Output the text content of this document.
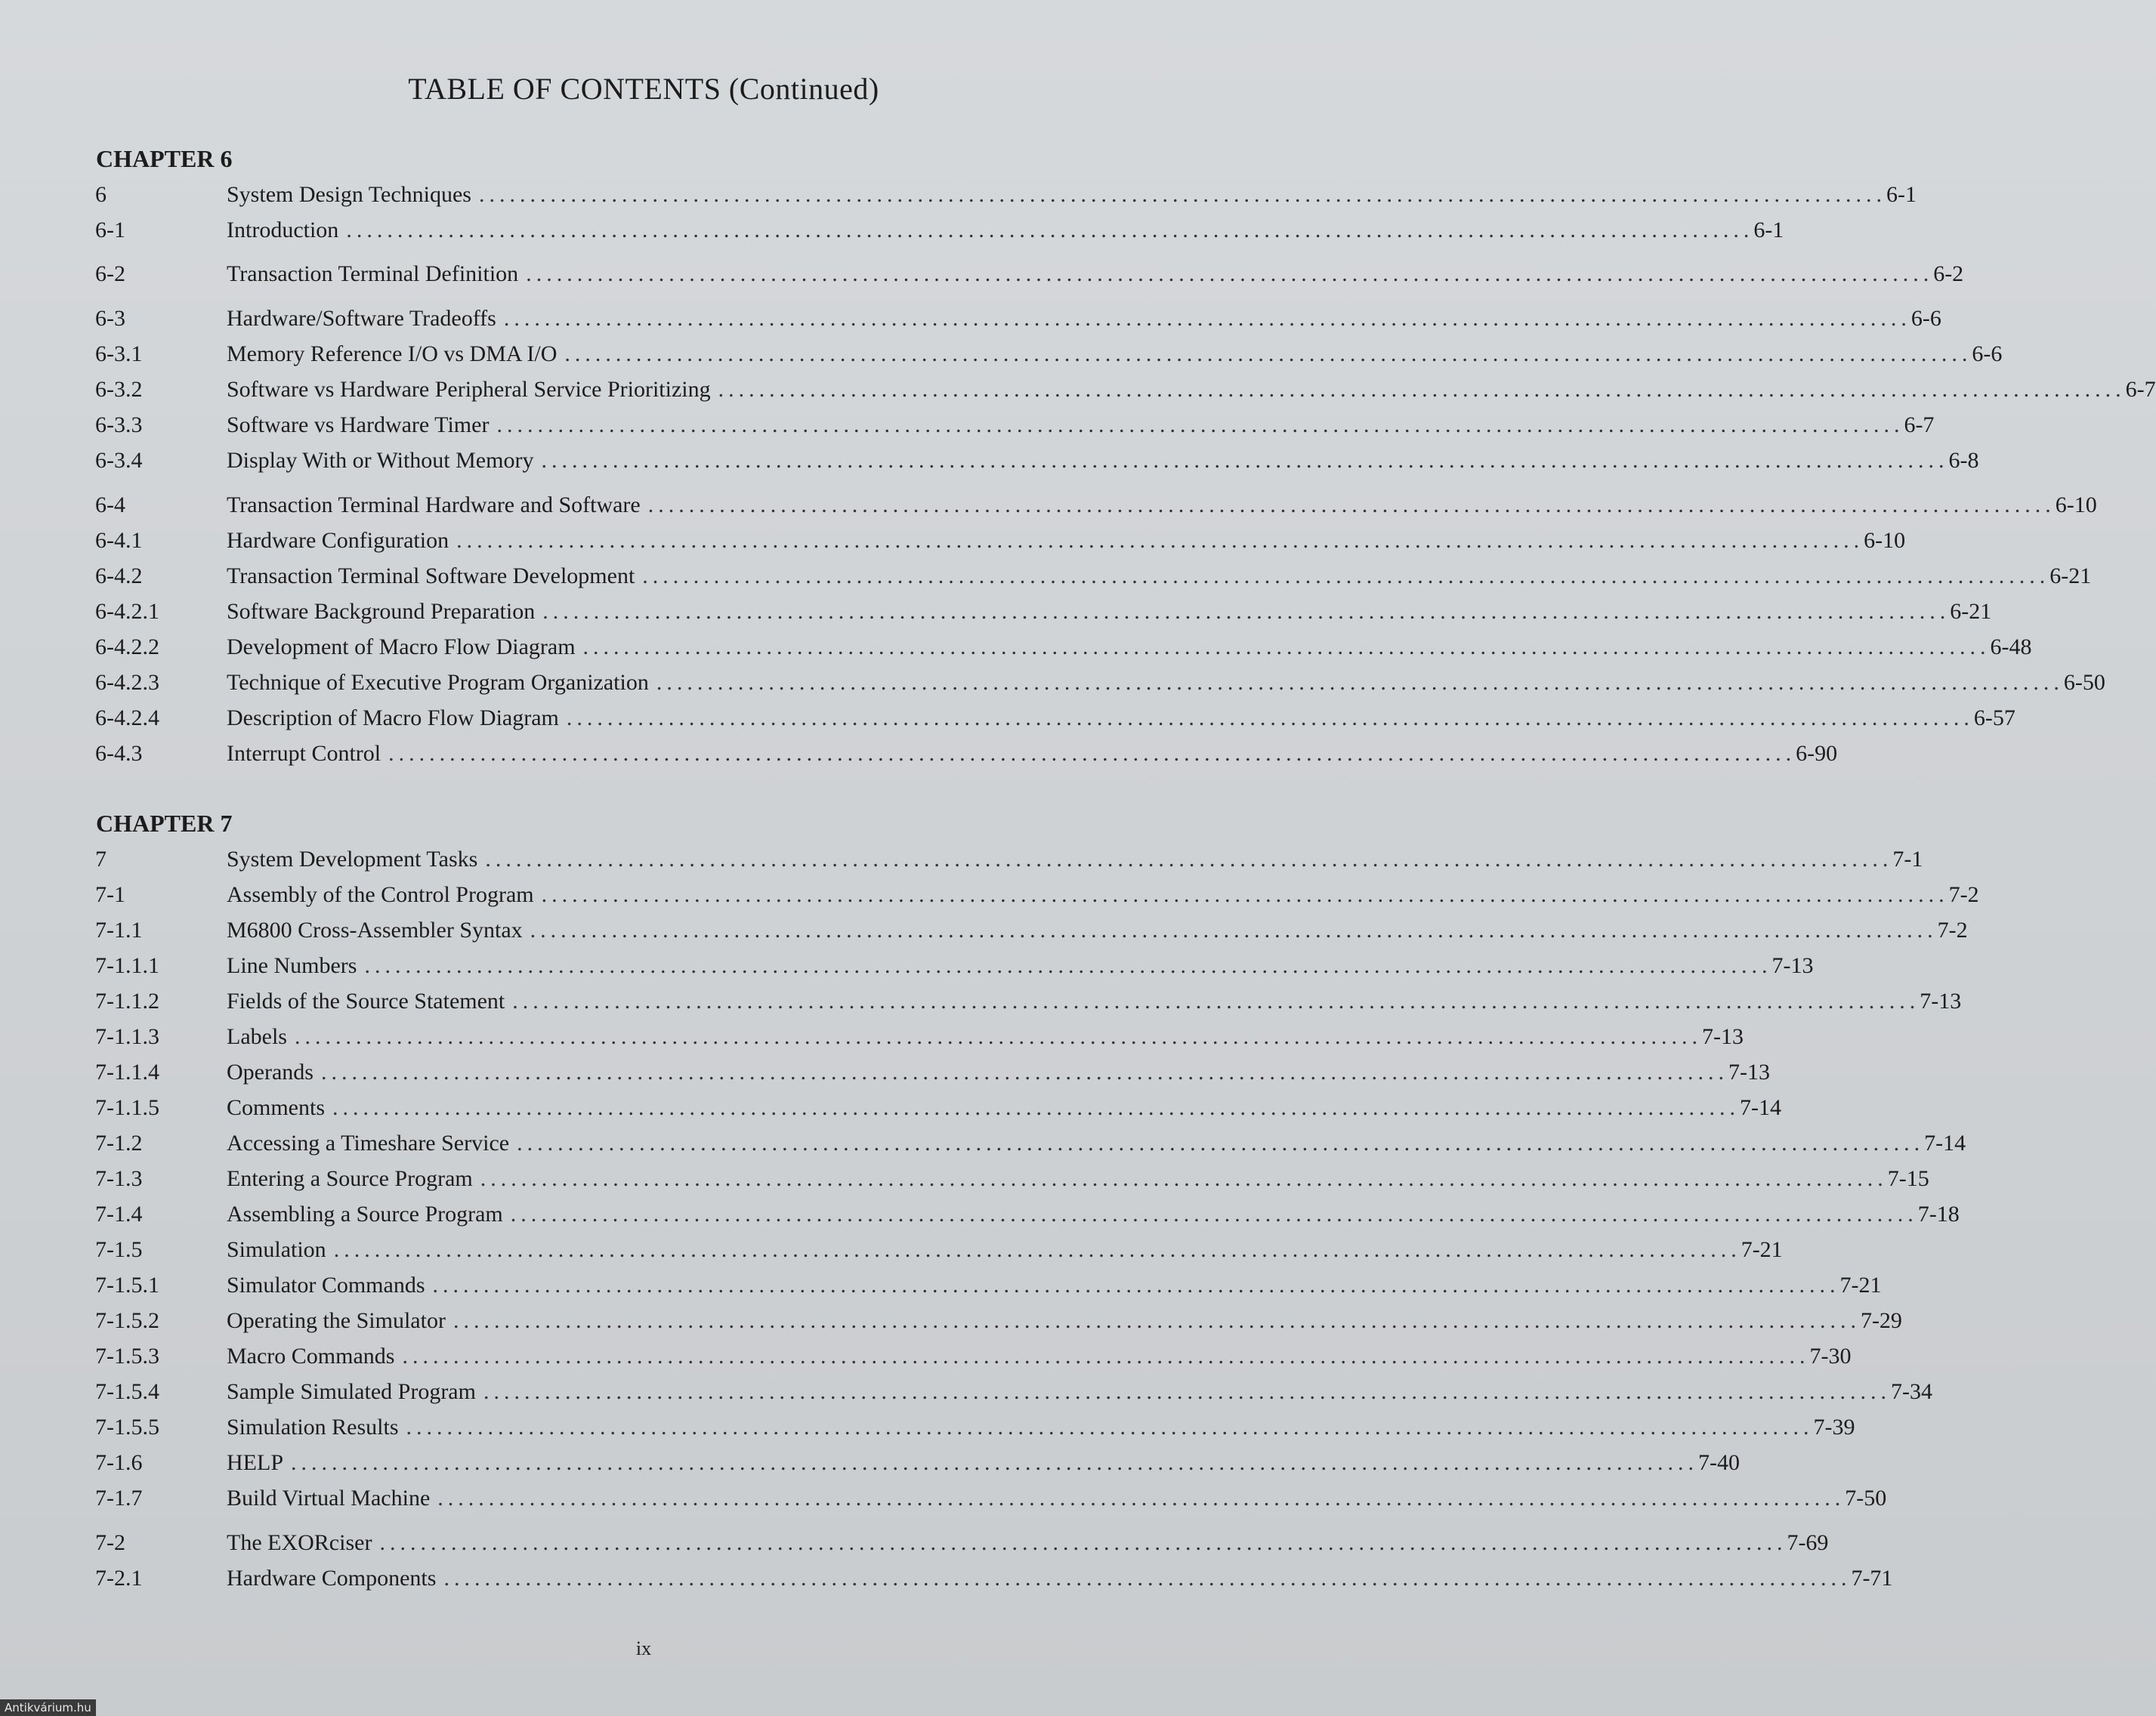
TABLE OF CONTENTS (Continued)
CHAPTER 6
6	System Design Techniques .......................................................................................................................................... 6-1
6-1	Introduction .......................................................................................................................................... 6-1
6-2	Transaction Terminal Definition .......................................................................................................................................... 6-2
6-3	Hardware/Software Tradeoffs .......................................................................................................................................... 6-6
6-3.1	Memory Reference I/O vs DMA I/O .......................................................................................................................................... 6-6
6-3.2	Software vs Hardware Peripheral Service Prioritizing .......................................................................................................................................... 6-7
6-3.3	Software vs Hardware Timer .......................................................................................................................................... 6-7
6-3.4	Display With or Without Memory .......................................................................................................................................... 6-8
6-4	Transaction Terminal Hardware and Software .......................................................................................................................................... 6-10
6-4.1	Hardware Configuration .......................................................................................................................................... 6-10
6-4.2	Transaction Terminal Software Development .......................................................................................................................................... 6-21
6-4.2.1	Software Background Preparation .......................................................................................................................................... 6-21
6-4.2.2	Development of Macro Flow Diagram .......................................................................................................................................... 6-48
6-4.2.3	Technique of Executive Program Organization .......................................................................................................................................... 6-50
6-4.2.4	Description of Macro Flow Diagram .......................................................................................................................................... 6-57
6-4.3	Interrupt Control .......................................................................................................................................... 6-90
CHAPTER 7
7	System Development Tasks .......................................................................................................................................... 7-1
7-1	Assembly of the Control Program .......................................................................................................................................... 7-2
7-1.1	M6800 Cross-Assembler Syntax .......................................................................................................................................... 7-2
7-1.1.1	Line Numbers .......................................................................................................................................... 7-13
7-1.1.2	Fields of the Source Statement .......................................................................................................................................... 7-13
7-1.1.3	Labels .......................................................................................................................................... 7-13
7-1.1.4	Operands .......................................................................................................................................... 7-13
7-1.1.5	Comments .......................................................................................................................................... 7-14
7-1.2	Accessing a Timeshare Service .......................................................................................................................................... 7-14
7-1.3	Entering a Source Program .......................................................................................................................................... 7-15
7-1.4	Assembling a Source Program .......................................................................................................................................... 7-18
7-1.5	Simulation .......................................................................................................................................... 7-21
7-1.5.1	Simulator Commands .......................................................................................................................................... 7-21
7-1.5.2	Operating the Simulator .......................................................................................................................................... 7-29
7-1.5.3	Macro Commands .......................................................................................................................................... 7-30
7-1.5.4	Sample Simulated Program .......................................................................................................................................... 7-34
7-1.5.5	Simulation Results .......................................................................................................................................... 7-39
7-1.6	HELP .......................................................................................................................................... 7-40
7-1.7	Build Virtual Machine .......................................................................................................................................... 7-50
7-2	The EXORciser .......................................................................................................................................... 7-69
7-2.1	Hardware Components .......................................................................................................................................... 7-71
ix
Antikvárium.hu
